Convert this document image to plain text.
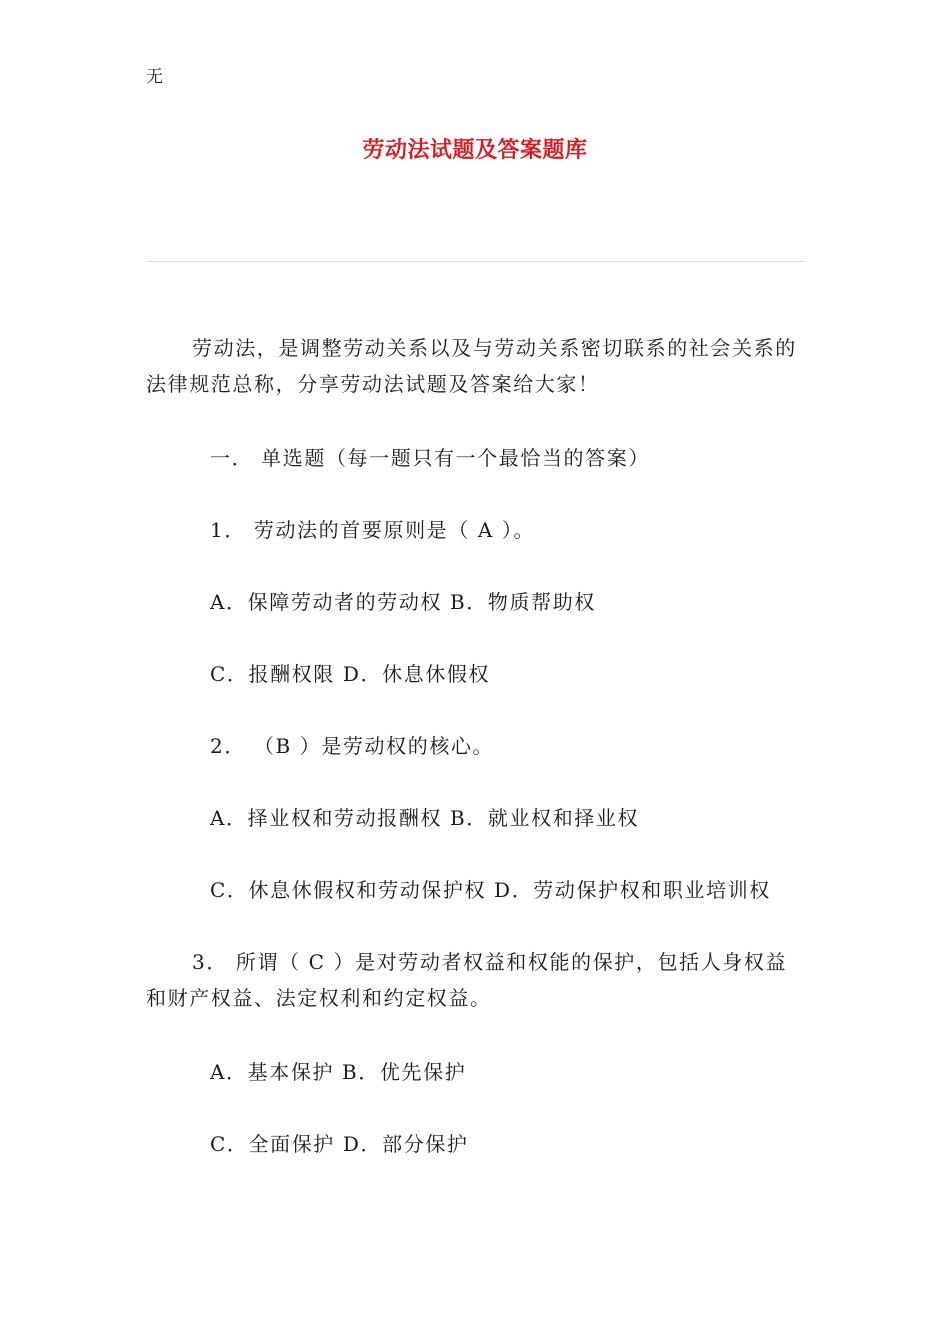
无
劳动法试题及答案题库
劳动法，是调整劳动关系以及与劳动关系密切联系的社会关系的法律规范总称，分享劳动法试题及答案给大家！
一． 单选题（每一题只有一个最恰当的答案）
1． 劳动法的首要原则是（ A ）。
A．保障劳动者的劳动权 B．物质帮助权
C．报酬权限 D．休息休假权
2． （B ）是劳动权的核心。
A．择业权和劳动报酬权 B．就业权和择业权
C．休息休假权和劳动保护权 D．劳动保护权和职业培训权
3． 所谓（ C ）是对劳动者权益和权能的保护，包括人身权益和财产权益、法定权利和约定权益。
A．基本保护 B．优先保护
C．全面保护 D．部分保护
